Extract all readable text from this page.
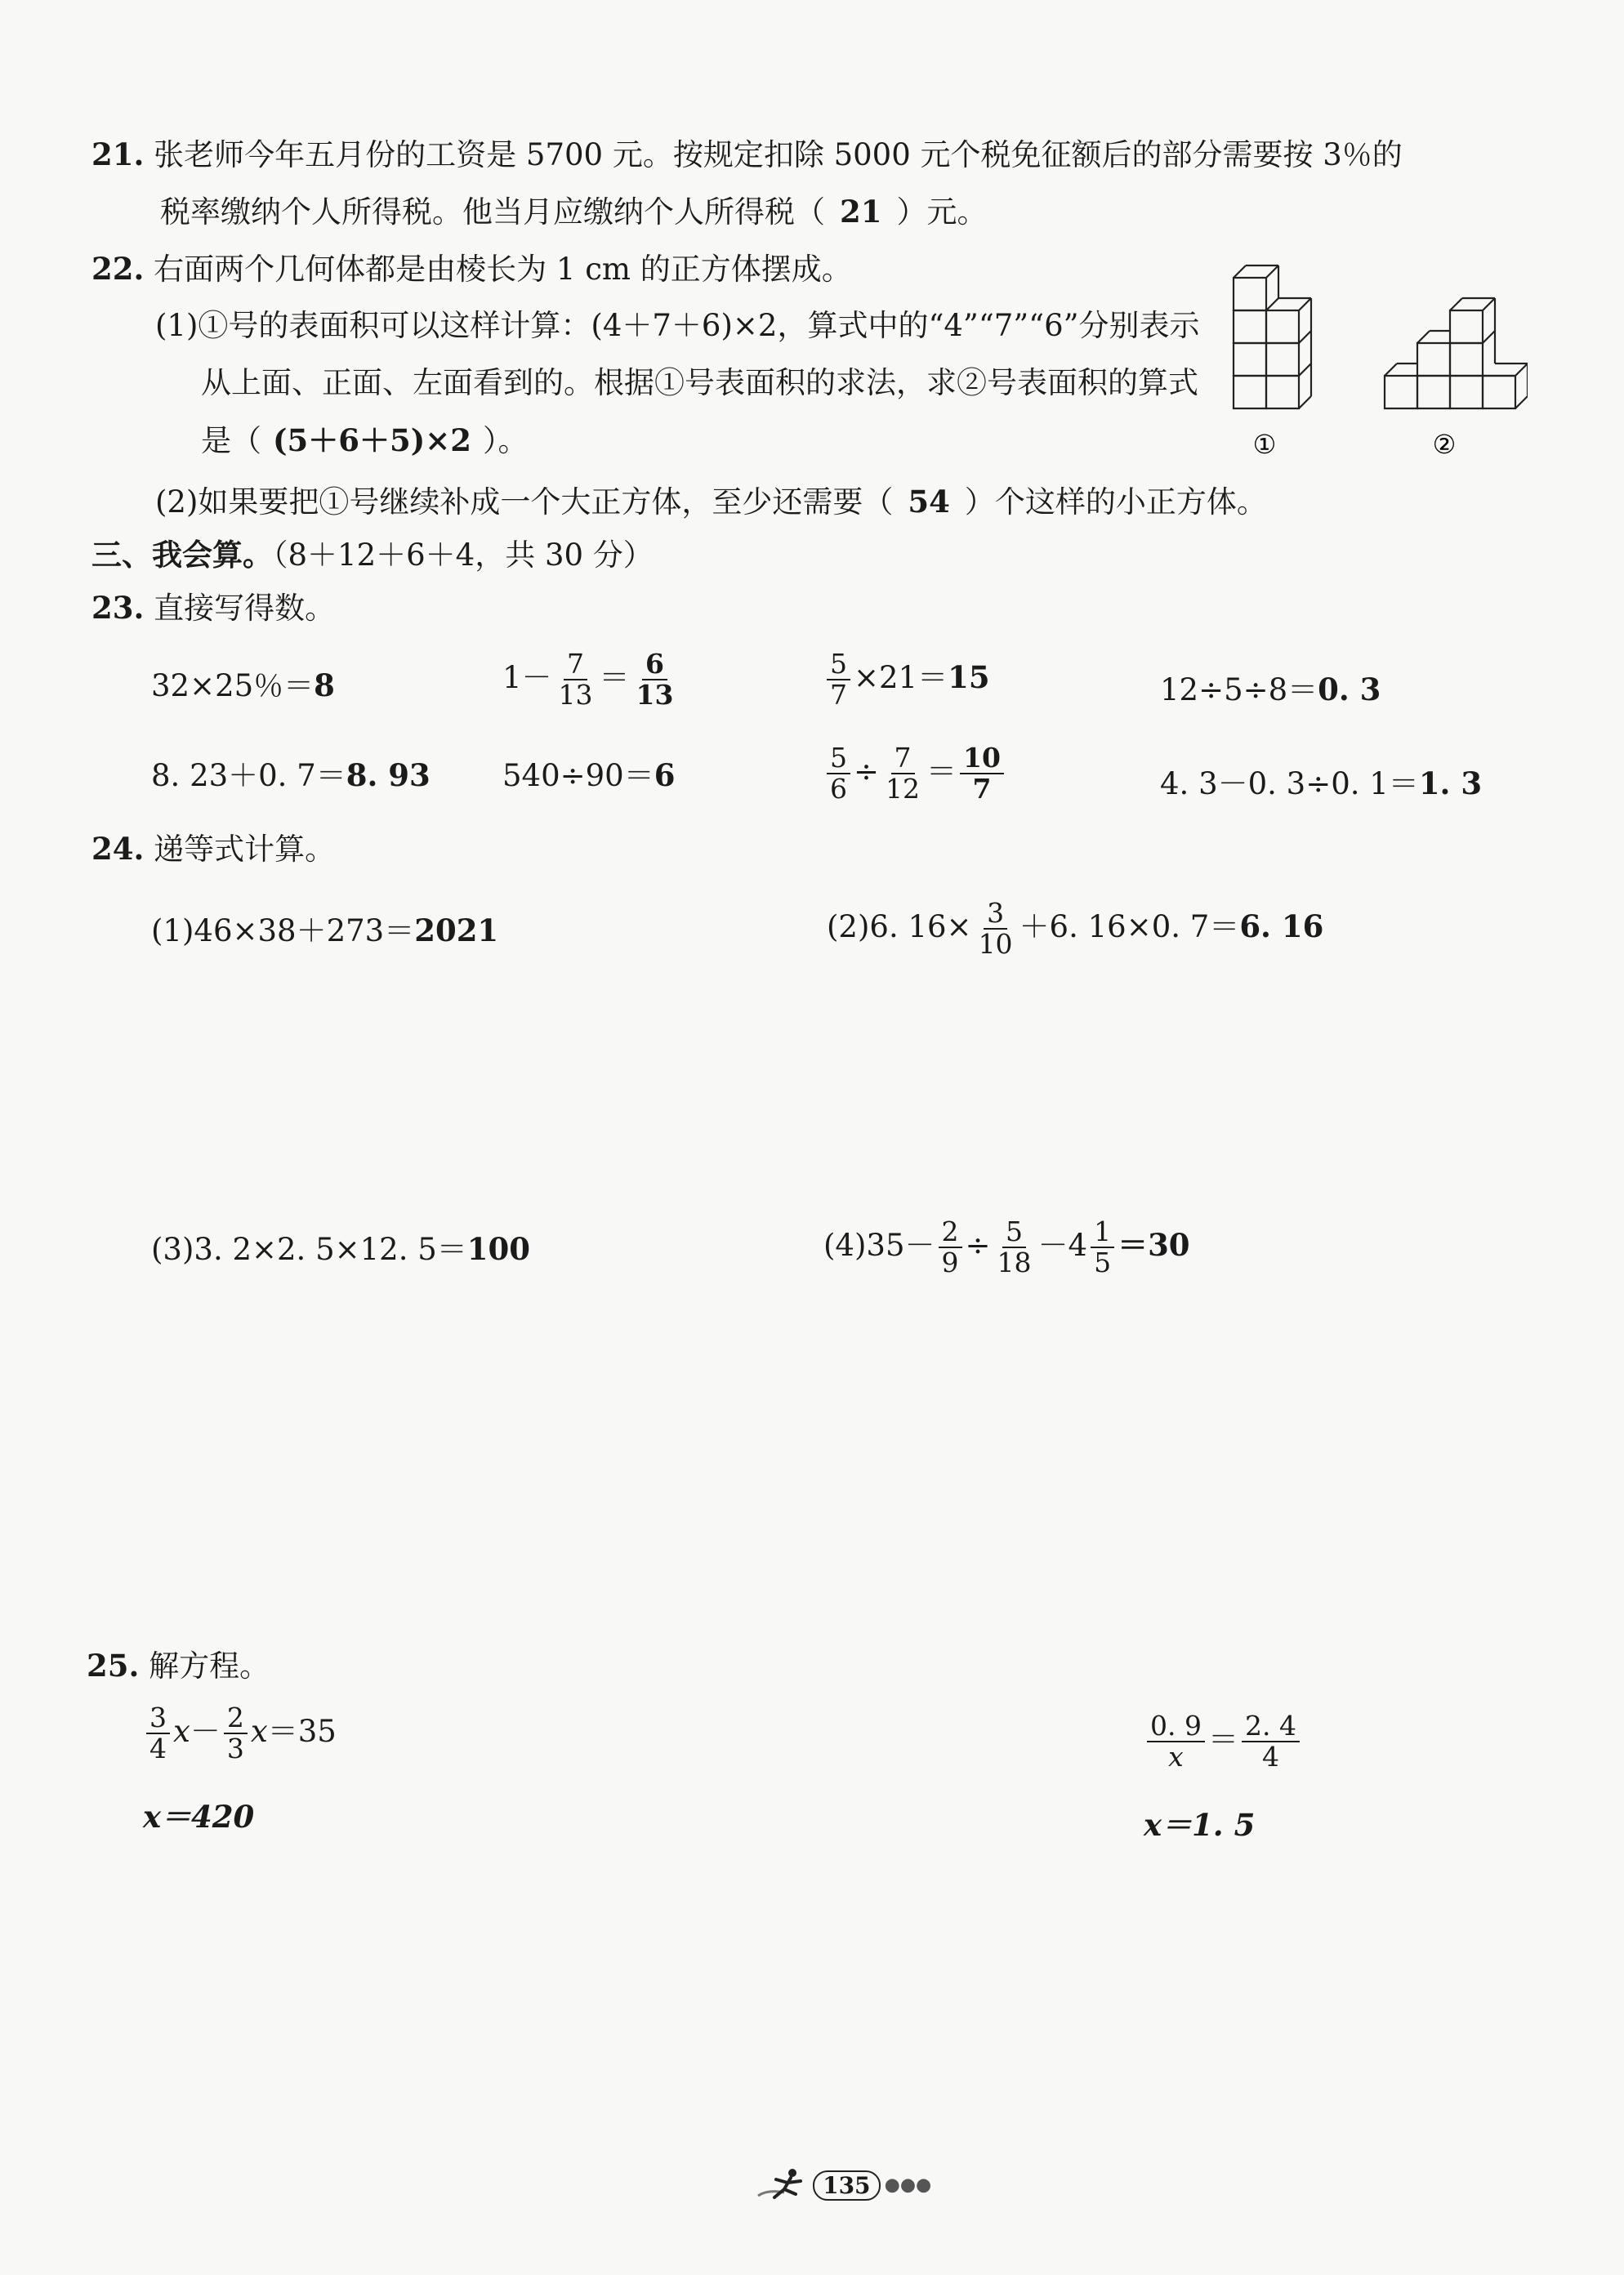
21. 张老师今年五月份的工资是 5700 元。按规定扣除 5000 元个税免征额后的部分需要按 3％的
税率缴纳个人所得税。他当月应缴纳个人所得税（ 21 ）元。
22. 右面两个几何体都是由棱长为 1 cm 的正方体摆成。
(1)①号的表面积可以这样计算：(4＋7＋6)×2，算式中的“4”“7”“6”分别表示
从上面、正面、左面看到的。根据①号表面积的求法，求②号表面积的算式
是（ (5＋6＋5)×2 ）。
(2)如果要把①号继续补成一个大正方体，至少还需要（ 54 ）个这样的小正方体。
①	②
三、我会算。（8＋12＋6＋4，共 30 分）
23. 直接写得数。
32×25％＝8	$1- \frac{7}{13} = \frac{6}{13}$	$\frac{5}{7} \times 21=15$	12÷5÷8＝0. 3
8. 23＋0. 7＝8. 93 540÷90＝6	$\frac{5}{6} \div \frac{7}{12} = \frac{10}{7}$	4. 3－0. 3÷0. 1＝1. 3
24. 递等式计算。
(1)46×38＋273＝2021	(2)6. $16\times \frac{3}{10} +6$. 16×0. 7＝6. 16
(3)3. 2×2. 5×12. 5＝100	$(4)35- \frac{2}{9} \div \frac{5}{18} -4 \frac{1}{5} =30$
25. 解方程。
$\frac{3}{4} x- \frac{2}{3} x=35$
x＝420
$\frac{0. 9}{x} = \frac{2. 4}{4}$
x＝1. 5
135 ●●●
